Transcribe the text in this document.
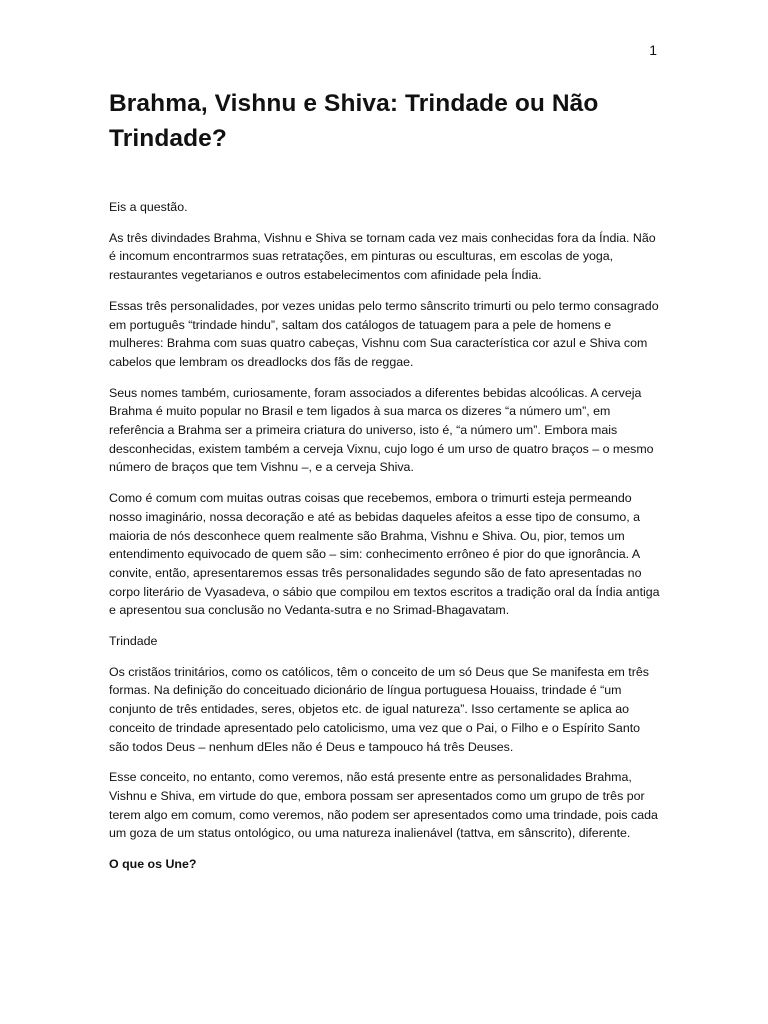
1
Brahma, Vishnu e Shiva: Trindade ou Não Trindade?

Eis a questão.

As três divindades Brahma, Vishnu e Shiva se tornam cada vez mais conhecidas fora da Índia. Não é incomum encontrarmos suas retratações, em pinturas ou esculturas, em escolas de yoga, restaurantes vegetarianos e outros estabelecimentos com afinidade pela Índia.

Essas três personalidades, por vezes unidas pelo termo sânscrito trimurti ou pelo termo consagrado em português “trindade hindu”, saltam dos catálogos de tatuagem para a pele de homens e mulheres: Brahma com suas quatro cabeças, Vishnu com Sua característica cor azul e Shiva com cabelos que lembram os dreadlocks dos fãs de reggae.

Seus nomes também, curiosamente, foram associados a diferentes bebidas alcoólicas. A cerveja Brahma é muito popular no Brasil e tem ligados à sua marca os dizeres “a número um”, em referência a Brahma ser a primeira criatura do universo, isto é, “a número um”. Embora mais desconhecidas, existem também a cerveja Vixnu, cujo logo é um urso de quatro braços – o mesmo número de braços que tem Vishnu –, e a cerveja Shiva.

Como é comum com muitas outras coisas que recebemos, embora o trimurti esteja permeando nosso imaginário, nossa decoração e até as bebidas daqueles afeitos a esse tipo de consumo, a maioria de nós desconhece quem realmente são Brahma, Vishnu e Shiva. Ou, pior, temos um entendimento equivocado de quem são – sim: conhecimento errôneo é pior do que ignorância. A convite, então, apresentaremos essas três personalidades segundo são de fato apresentadas no corpo literário de Vyasadeva, o sábio que compilou em textos escritos a tradição oral da Índia antiga e apresentou sua conclusão no Vedanta-sutra e no Srimad-Bhagavatam.

Trindade

Os cristãos trinitários, como os católicos, têm o conceito de um só Deus que Se manifesta em três formas. Na definição do conceituado dicionário de língua portuguesa Houaiss, trindade é “um conjunto de três entidades, seres, objetos etc. de igual natureza”. Isso certamente se aplica ao conceito de trindade apresentado pelo catolicismo, uma vez que o Pai, o Filho e o Espírito Santo são todos Deus – nenhum dEles não é Deus e tampouco há três Deuses.

Esse conceito, no entanto, como veremos, não está presente entre as personalidades Brahma, Vishnu e Shiva, em virtude do que, embora possam ser apresentados como um grupo de três por terem algo em comum, como veremos, não podem ser apresentados como uma trindade, pois cada um goza de um status ontológico, ou uma natureza inalienável (tattva, em sânscrito), diferente.

O que os Une?
